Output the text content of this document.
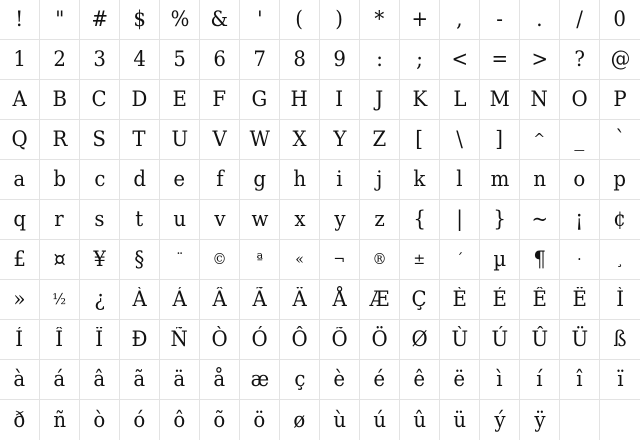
! " # $ % & ' ( ) * + , - . / 0
1 2 3 4 5 6 7 8 9 : ; < = > ? @
A B C D E F G H I J K L M N O P
Q R S T U V W X Y Z [ \ ] ^ _ `
a b c d e f g h i j k l m n o p
q r s t u v w x y z { | } ~ ¡ ¢
£ ¤ ¥ § ¨ © ª « ¬ ® ± ´ µ ¶ · ¸
» ½ ¿ À Á Â Ã Ä Å Æ Ç È É Ê Ë Ì
Í Î Ï Ð Ñ Ò Ó Ô Õ Ö Ø Ù Ú Û Ü ß
à á â ã ä å æ ç è é ê ë ì í î ï
ð ñ ò ó ô õ ö ø ù ú û ü ý ÿ
